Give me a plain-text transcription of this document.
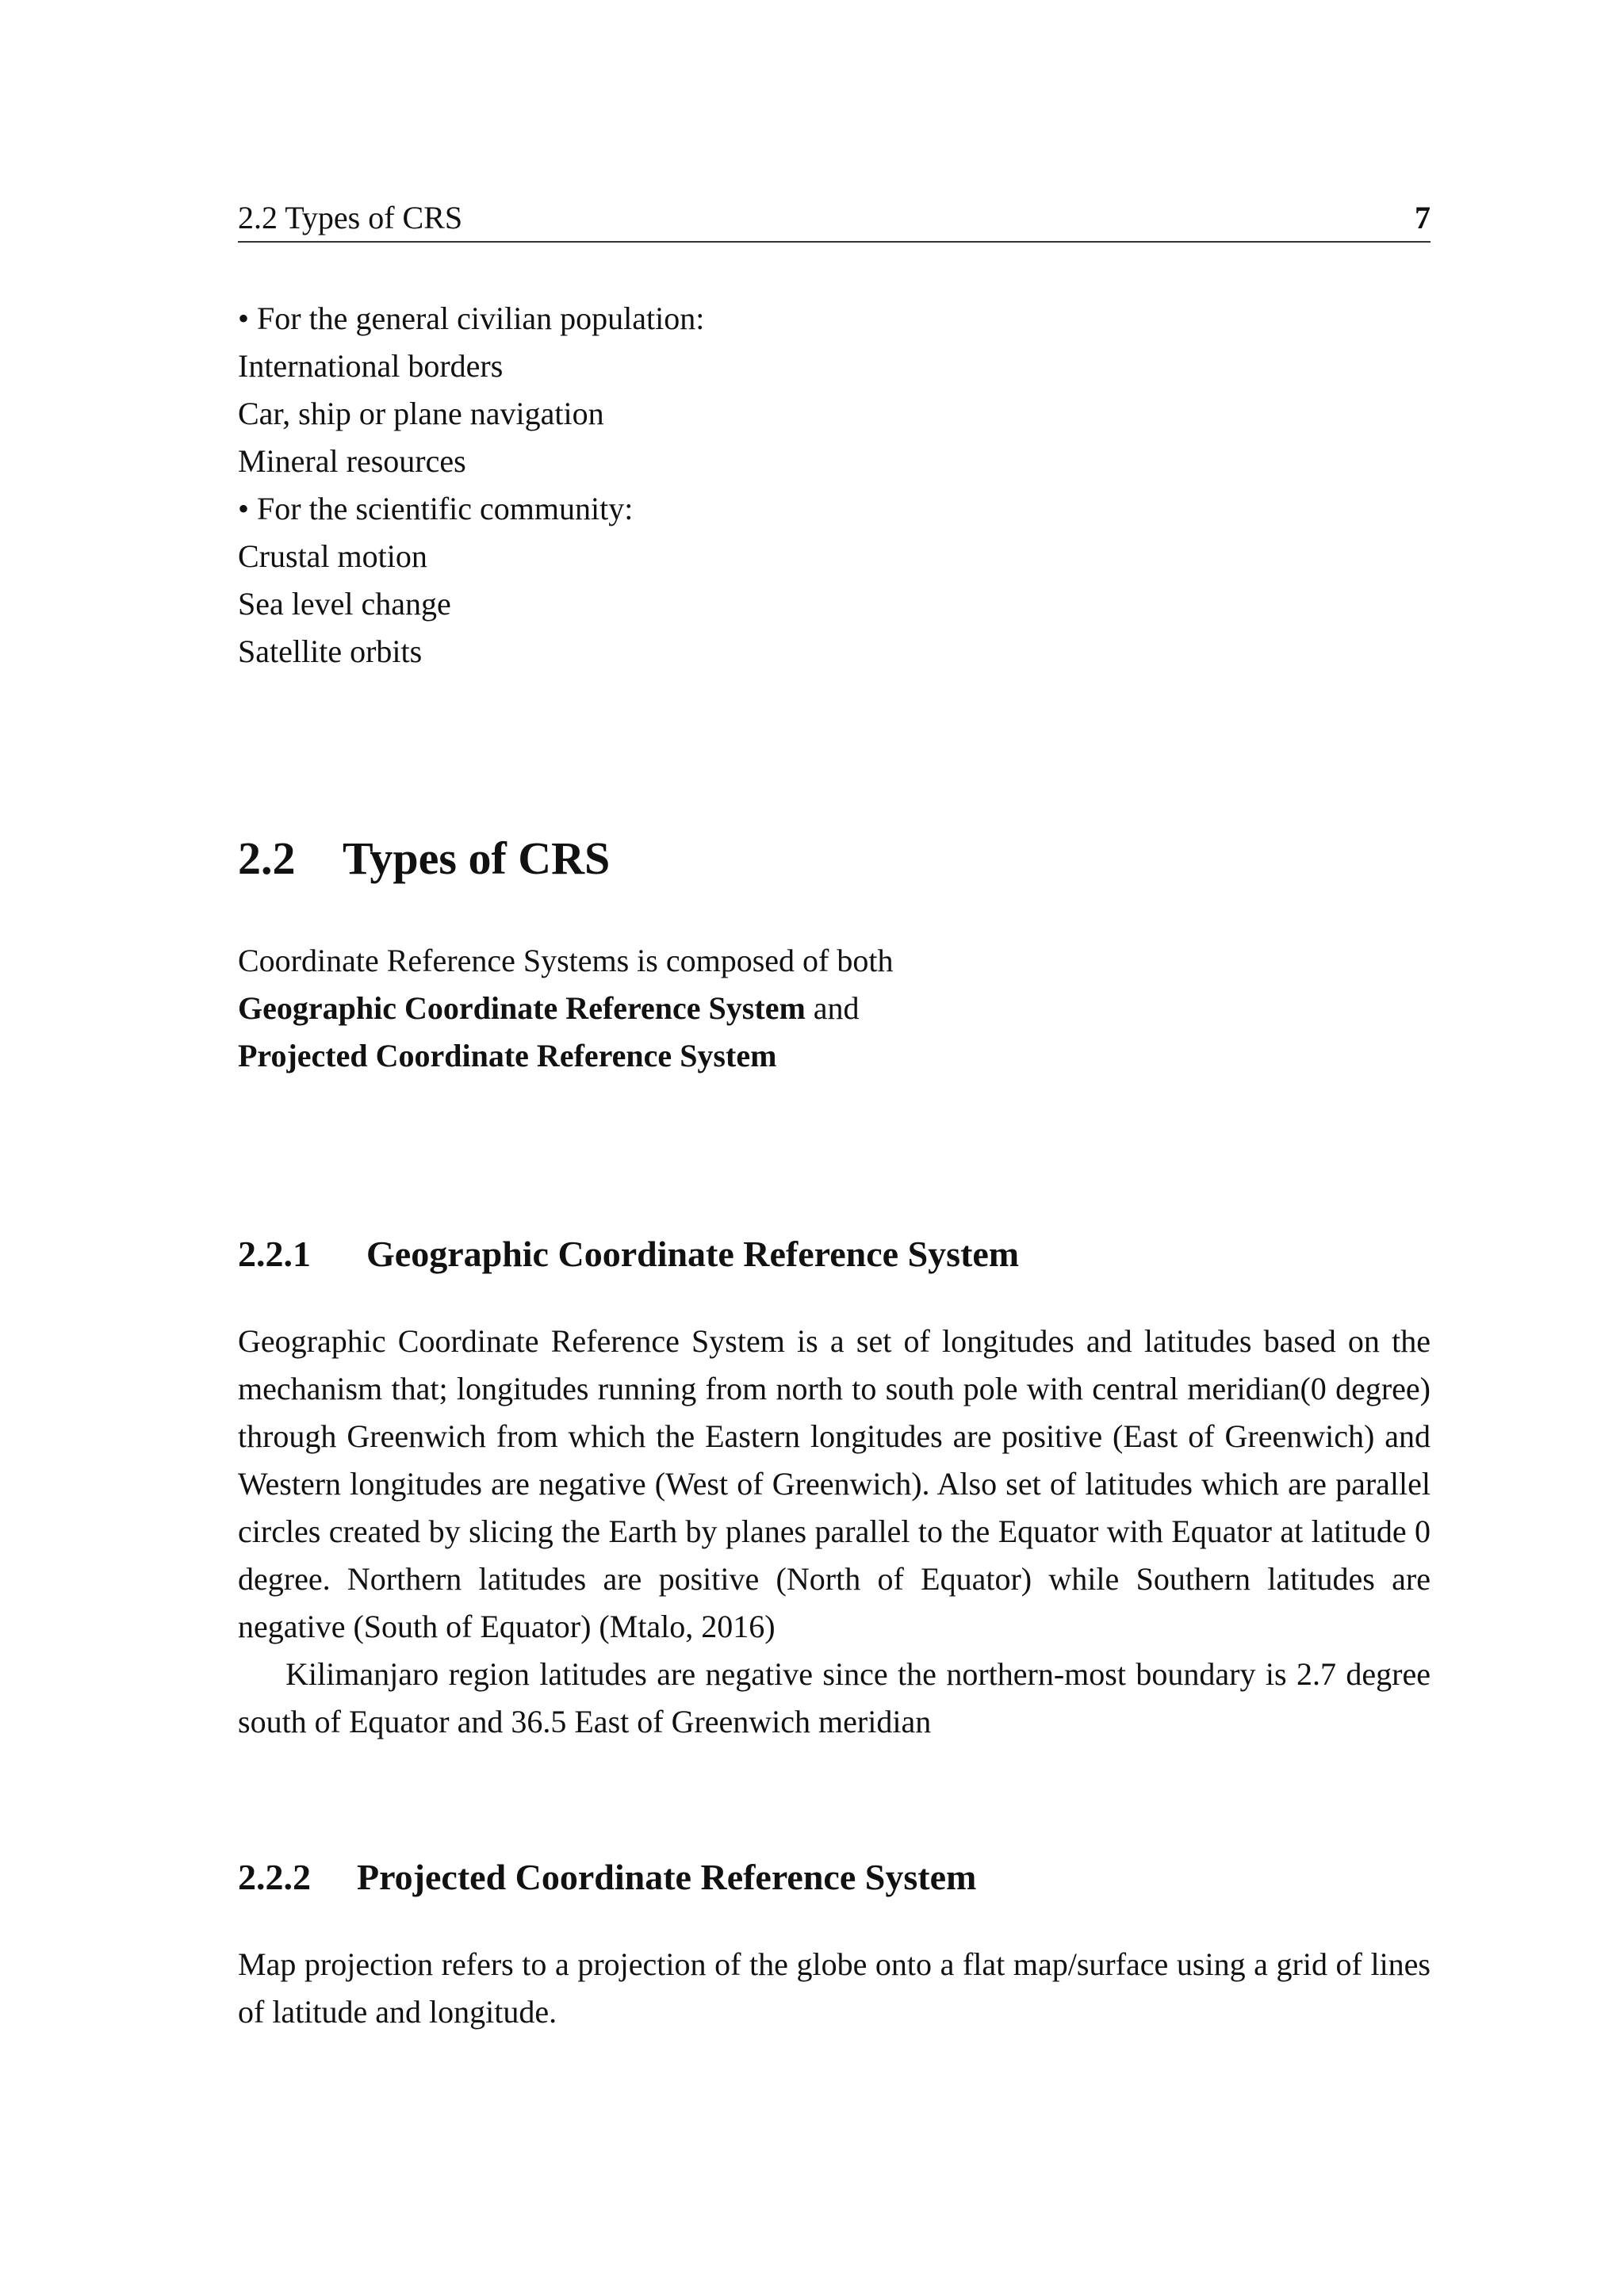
2.2 Types of CRS	7
• For the general civilian population:
International borders
Car, ship or plane navigation
Mineral resources
• For the scientific community:
Crustal motion
Sea level change
Satellite orbits
2.2 Types of CRS
Coordinate Reference Systems is composed of both
Geographic Coordinate Reference System and
Projected Coordinate Reference System
2.2.1 Geographic Coordinate Reference System

Geographic Coordinate Reference System is a set of longitudes and latitudes based on the mechanism that; longitudes running from north to south pole with central meridian(0 degree) through Greenwich from which the Eastern longitudes are positive (East of Greenwich) and Western longitudes are negative (West of Greenwich). Also set of latitudes which are parallel circles created by slicing the Earth by planes parallel to the Equator with Equator at latitude 0 degree. Northern latitudes are positive (North of Equator) while Southern latitudes are negative (South of Equator) (Mtalo, 2016)

Kilimanjaro region latitudes are negative since the northern-most boundary is 2.7 degree south of Equator and 36.5 East of Greenwich meridian

2.2.2 Projected Coordinate Reference System

Map projection refers to a projection of the globe onto a flat map/surface using a grid of lines of latitude and longitude.
